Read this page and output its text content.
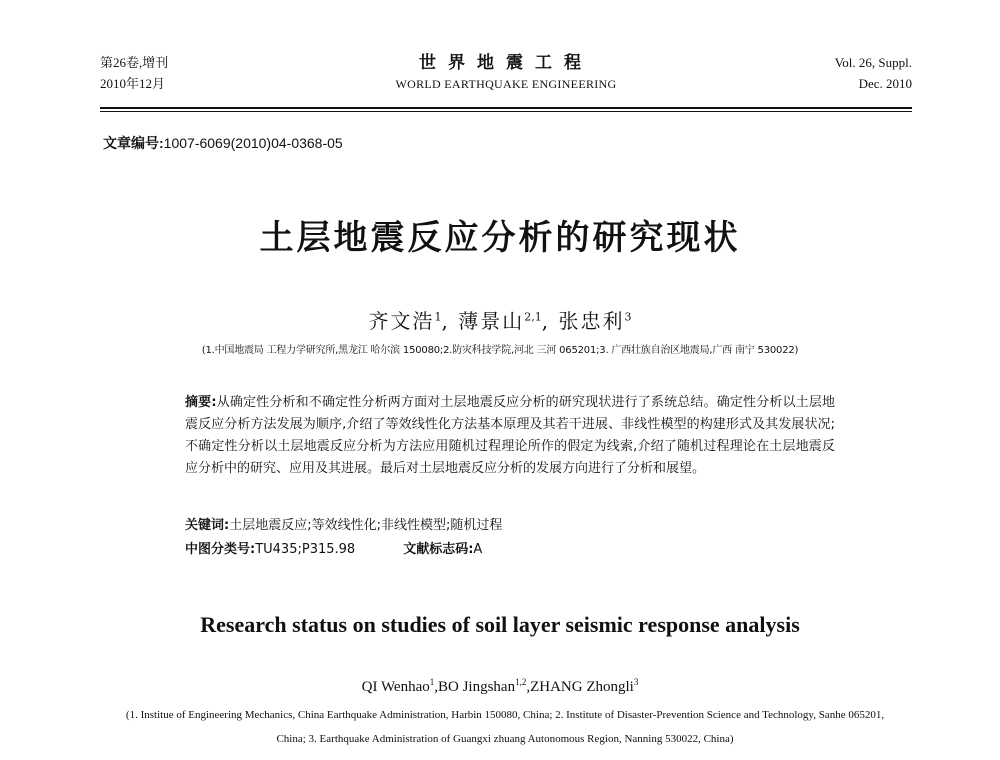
第26卷,增刊
2010年12月
世界地震工程
WORLD EARTHQUAKE ENGINEERING
Vol. 26, Suppl.
Dec. 2010
文章编号:1007-6069(2010)04-0368-05
土层地震反应分析的研究现状
齐文浩$^1$, 薄景山$^{2,1}$, 张忠利$^3$
(1.中国地震局 工程力学研究所,黑龙江 哈尔滨 150080;2.防灾科技学院,河北 三河 065201;3. 广西壮族自治区地震局,广西 南宁 530022)
摘要:从确定性分析和不确定性分析两方面对土层地震反应分析的研究现状进行了系统总结。确定性分析以土层地震反应分析方法发展为顺序,介绍了等效线性化方法基本原理及其若干进展、非线性模型的构建形式及其发展状况;不确定性分析以土层地震反应分析为方法应用随机过程理论所作的假定为线索,介绍了随机过程理论在土层地震反应分析中的研究、应用及其进展。最后对土层地震反应分析的发展方向进行了分析和展望。
关键词:土层地震反应;等效线性化;非线性模型;随机过程
中图分类号:TU435;P315.98	文献标志码:A
Research status on studies of soil layer seismic response analysis
QI Wenhao$^1$,BO Jingshan$^{1,2}$,ZHANG Zhongli$^3$
(1. Institue of Engineering Mechanics, China Earthquake Administration, Harbin 150080, China; 2. Institute of Disaster-Prevention Science and Technology, Sanhe 065201, China; 3. Earthquake Administration of Guangxi zhuang Autonomous Region, Nanning 530022, China)
